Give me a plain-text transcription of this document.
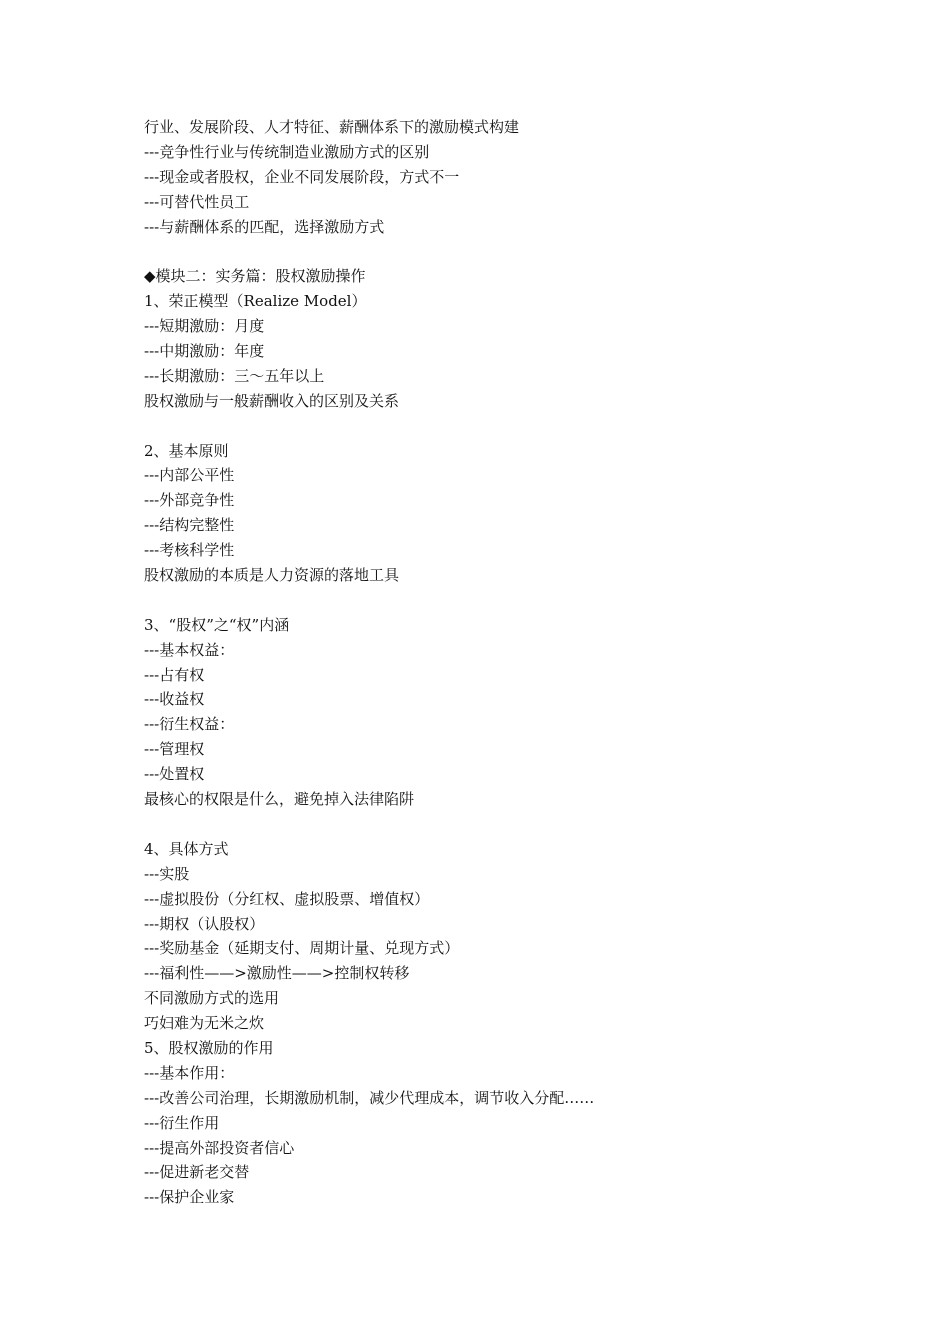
行业、发展阶段、人才特征、薪酬体系下的激励模式构建
---竞争性行业与传统制造业激励方式的区别
---现金或者股权，企业不同发展阶段，方式不一
---可替代性员工
---与薪酬体系的匹配，选择激励方式
◆模块二：实务篇：股权激励操作
1、荣正模型（Realize Model）
---短期激励：月度
---中期激励：年度
---长期激励：三～五年以上
股权激励与一般薪酬收入的区别及关系
2、基本原则
---内部公平性
---外部竞争性
---结构完整性
---考核科学性
股权激励的本质是人力资源的落地工具
3、“股权”之“权”内涵
---基本权益：
---占有权
---收益权
---衍生权益：
---管理权
---处置权
最核心的权限是什么，避免掉入法律陷阱
4、具体方式
---实股
---虚拟股份（分红权、虚拟股票、增值权）
---期权（认股权）
---奖励基金（延期支付、周期计量、兑现方式）
---福利性——>激励性——>控制权转移
不同激励方式的选用
巧妇难为无米之炊
5、股权激励的作用
---基本作用：
---改善公司治理，长期激励机制，减少代理成本，调节收入分配……
---衍生作用
---提高外部投资者信心
---促进新老交替
---保护企业家
